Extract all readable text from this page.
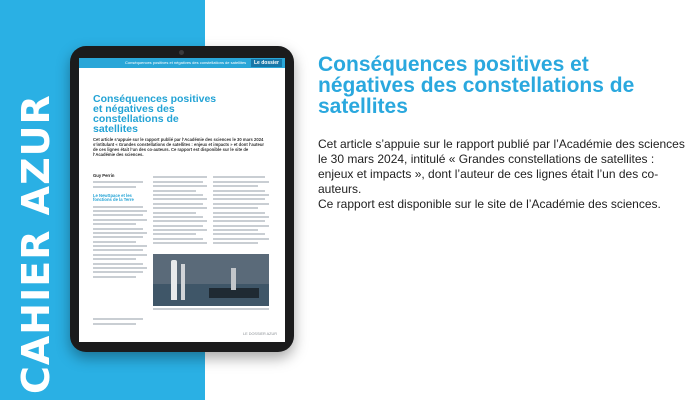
CAHIER AZUR
Conséquences positives et négatives des constellations de satellites	Le dossier
Conséquences positives et négatives des constellations de satellites
Cet article s’appuie sur le rapport publié par l’Académie des sciences le 30 mars 2024 s’intitulant « Grandes constellations de satellites : enjeux et impacts » et dont l’auteur de ces lignes était l’un des co-auteurs. Ce rapport est disponible sur le site de l’Académie des sciences.
Guy Perrin
Le NewSpace et les fonctions de la Terre
LE DOSSIER AZUR
Conséquences positives et négatives des constellations de satellites

Cet article s’appuie sur le rapport publié par l’Académie des sciences le 30 mars 2024, intitulé « Grandes constellations de satellites : enjeux et impacts », dont l’auteur de ces lignes était l’un des co-auteurs.

Ce rapport est disponible sur le site de l’Académie des sciences.
